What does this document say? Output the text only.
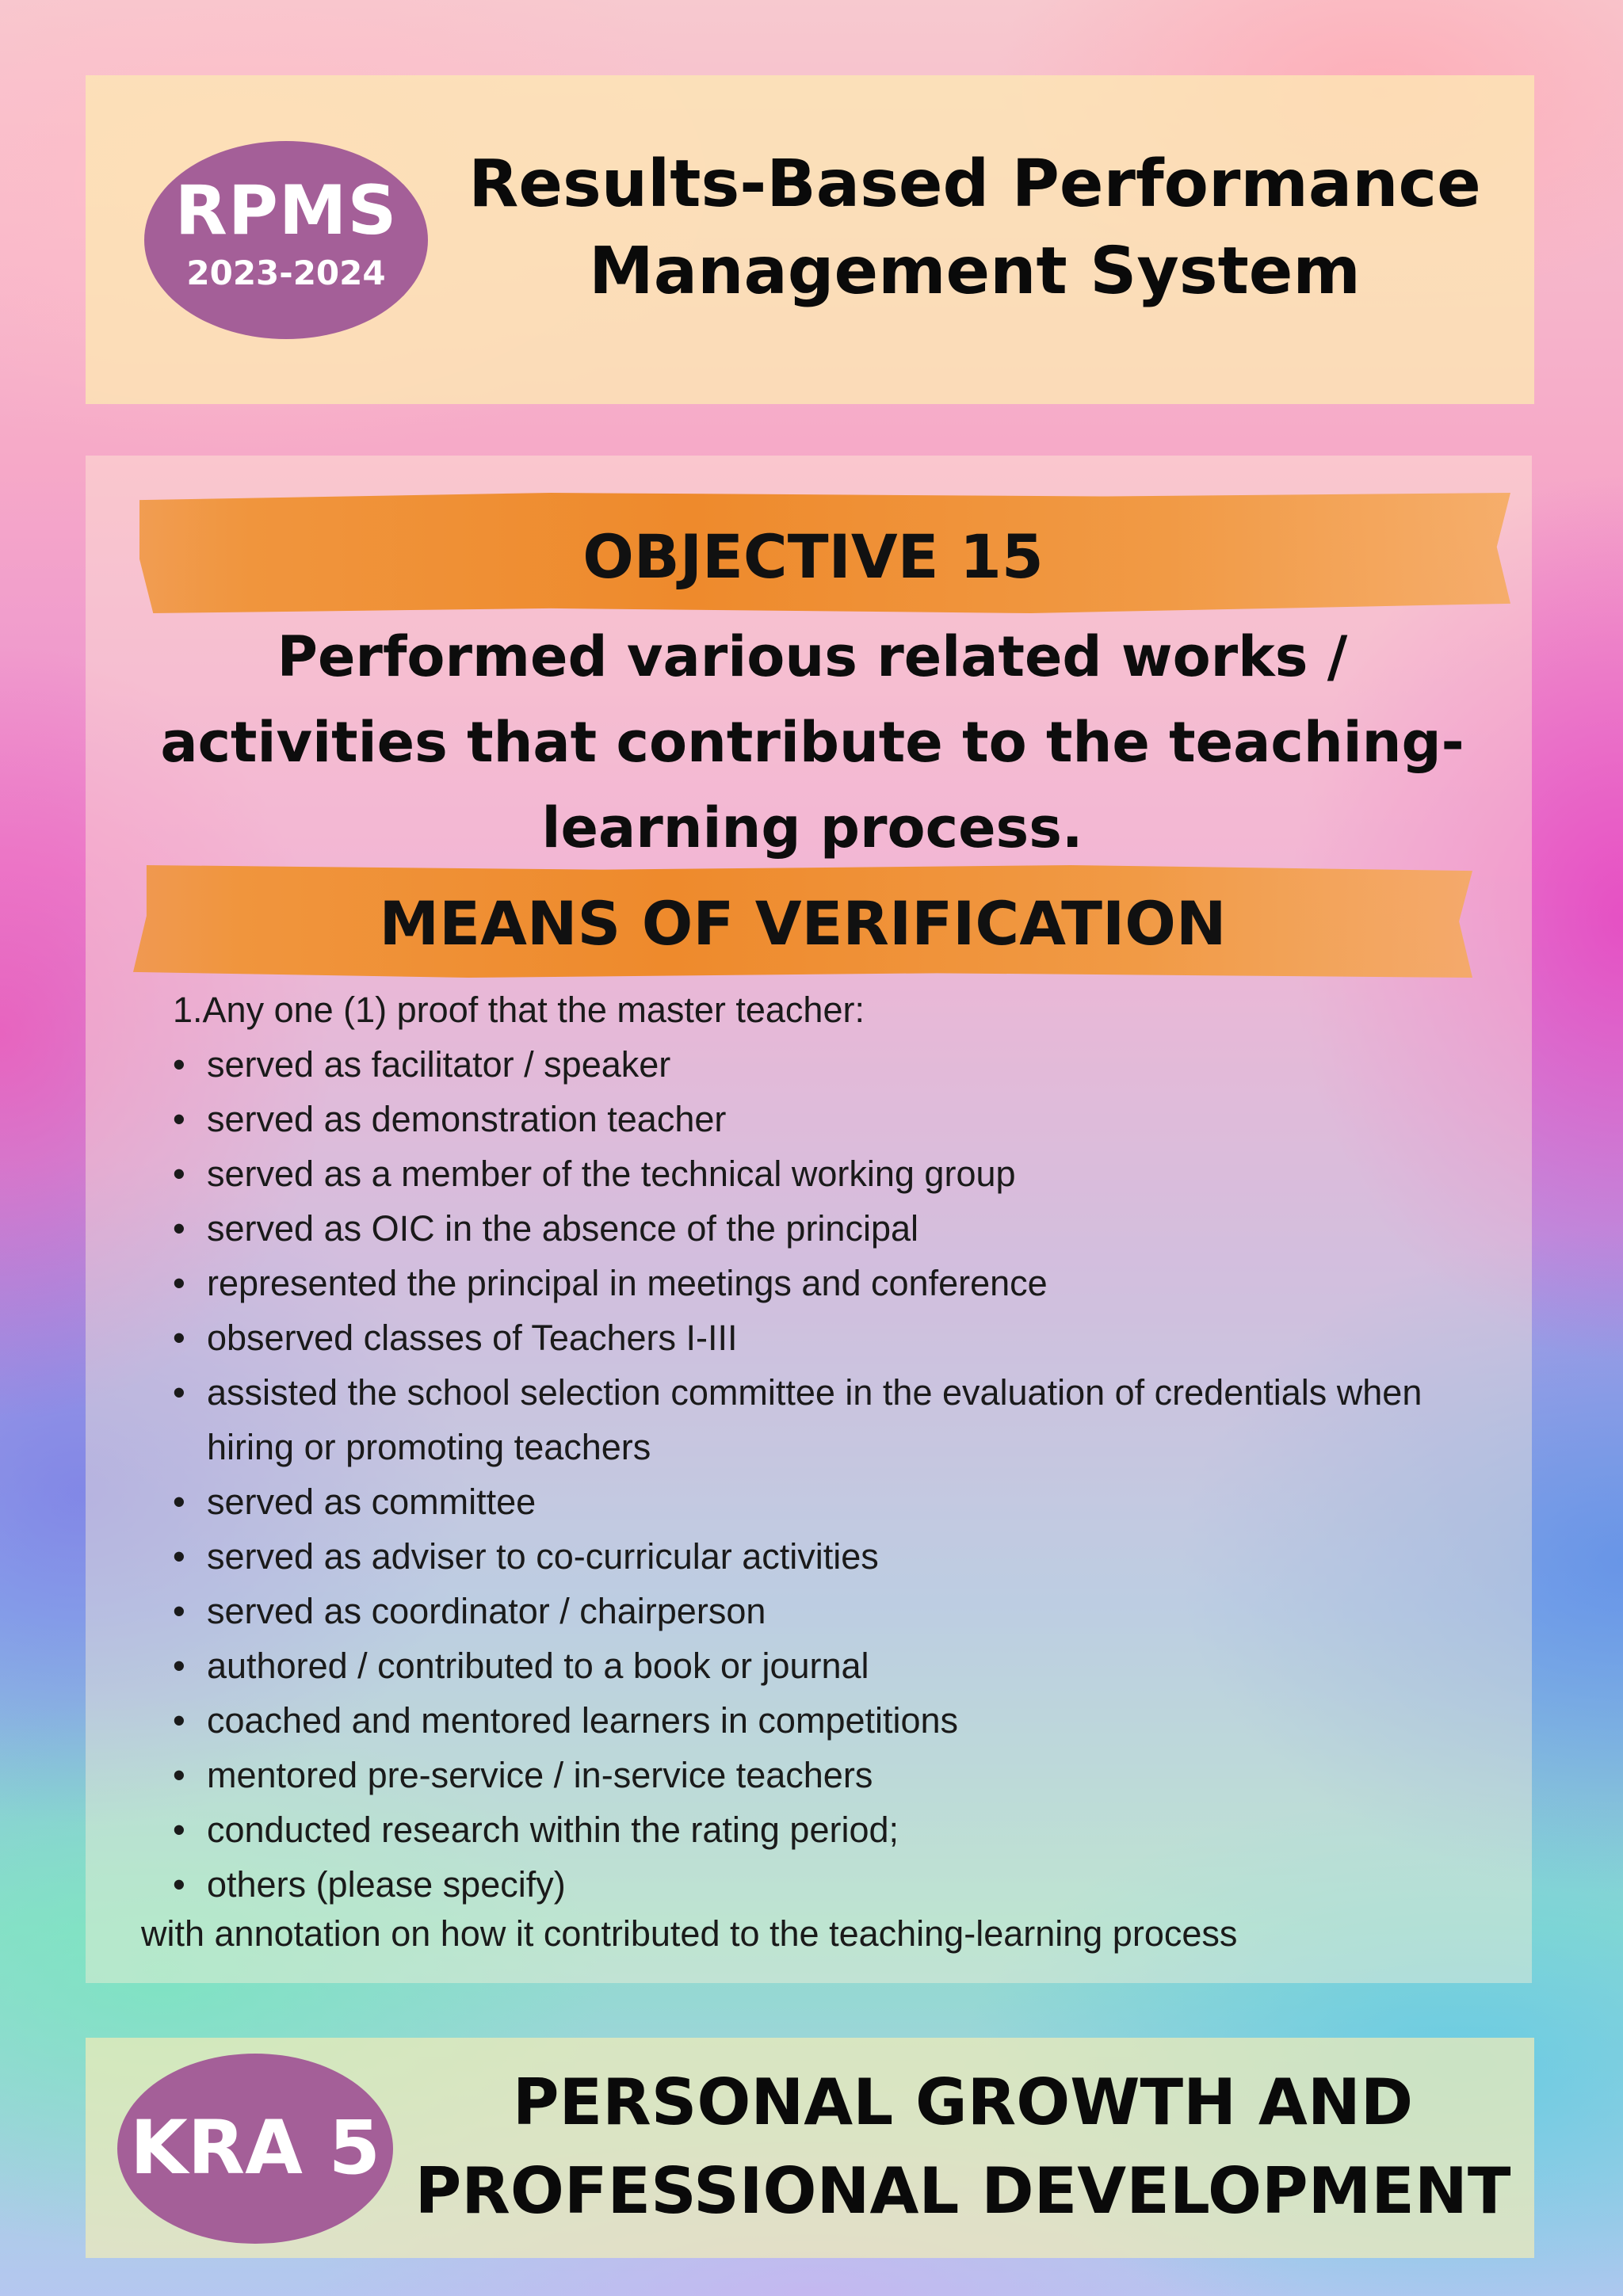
RPMS
2023-2024
Results-Based Performance
Management System
OBJECTIVE 15
Performed various related works /
activities that contribute to the teaching-
learning process.
MEANS OF VERIFICATION
1.Any one (1) proof that the master teacher:
• served as facilitator / speaker
• served as demonstration teacher
• served as a member of the technical working group
• served as OIC in the absence of the principal
• represented the principal in meetings and conference
• observed classes of Teachers I-III
• assisted the school selection committee in the evaluation of credentials when hiring or promoting teachers
• served as committee
• served as adviser to co-curricular activities
• served as coordinator / chairperson
• authored / contributed to a book or journal
• coached and mentored learners in competitions
• mentored pre-service / in-service teachers
• conducted research within the rating period;
• others (please specify)
with annotation on how it contributed to the teaching-learning process
KRA 5
PERSONAL GROWTH AND
PROFESSIONAL DEVELOPMENT
